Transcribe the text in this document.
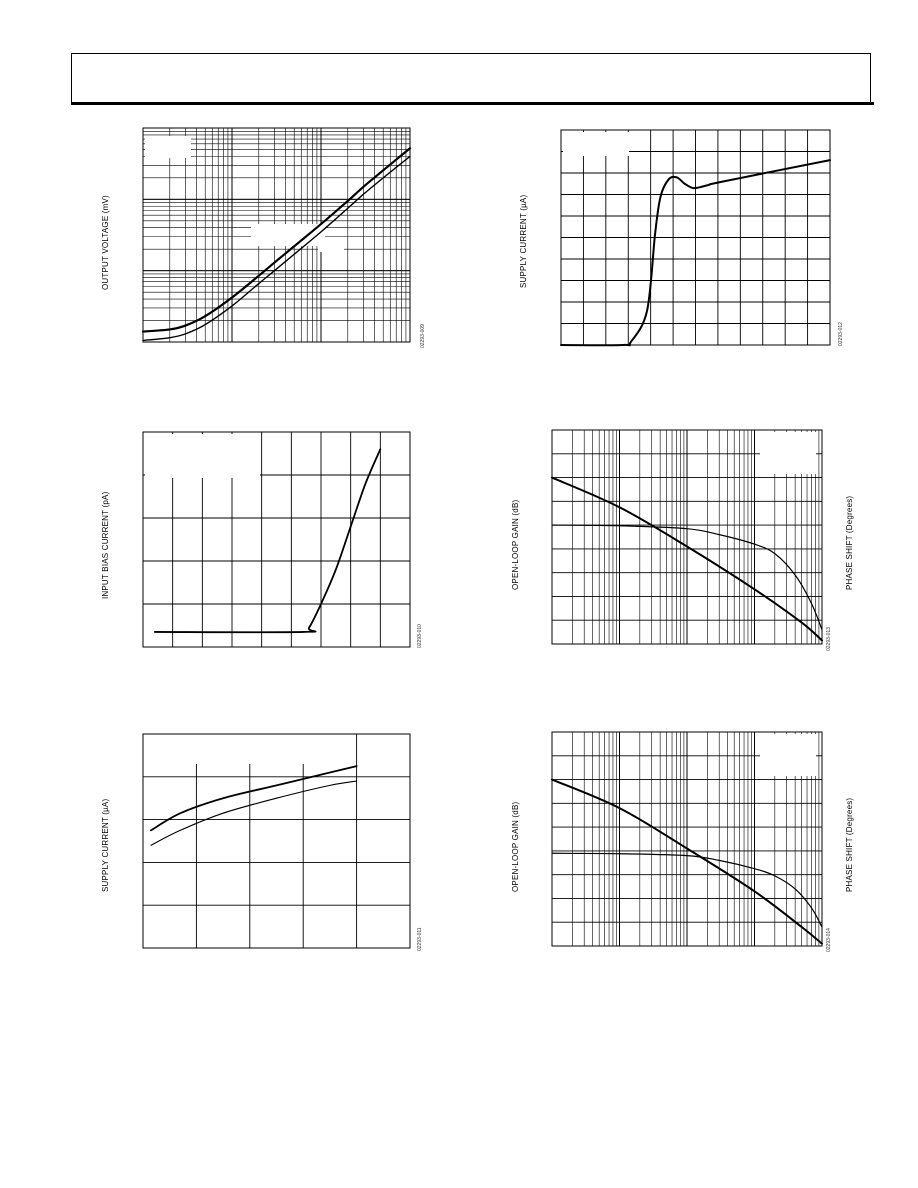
OUTPUT VOLTAGE (mV)
02293-009
SUPPLY CURRENT (µA)
02293-012
INPUT BIAS CURRENT (pA)
02293-010
SUPPLY CURRENT (µA)
02293-011
OPEN-LOOP GAIN (dB)	PHASE SHIFT (Degrees)
02293-013
OPEN-LOOP GAIN (dB)	PHASE SHIFT (Degrees)
02293-014
